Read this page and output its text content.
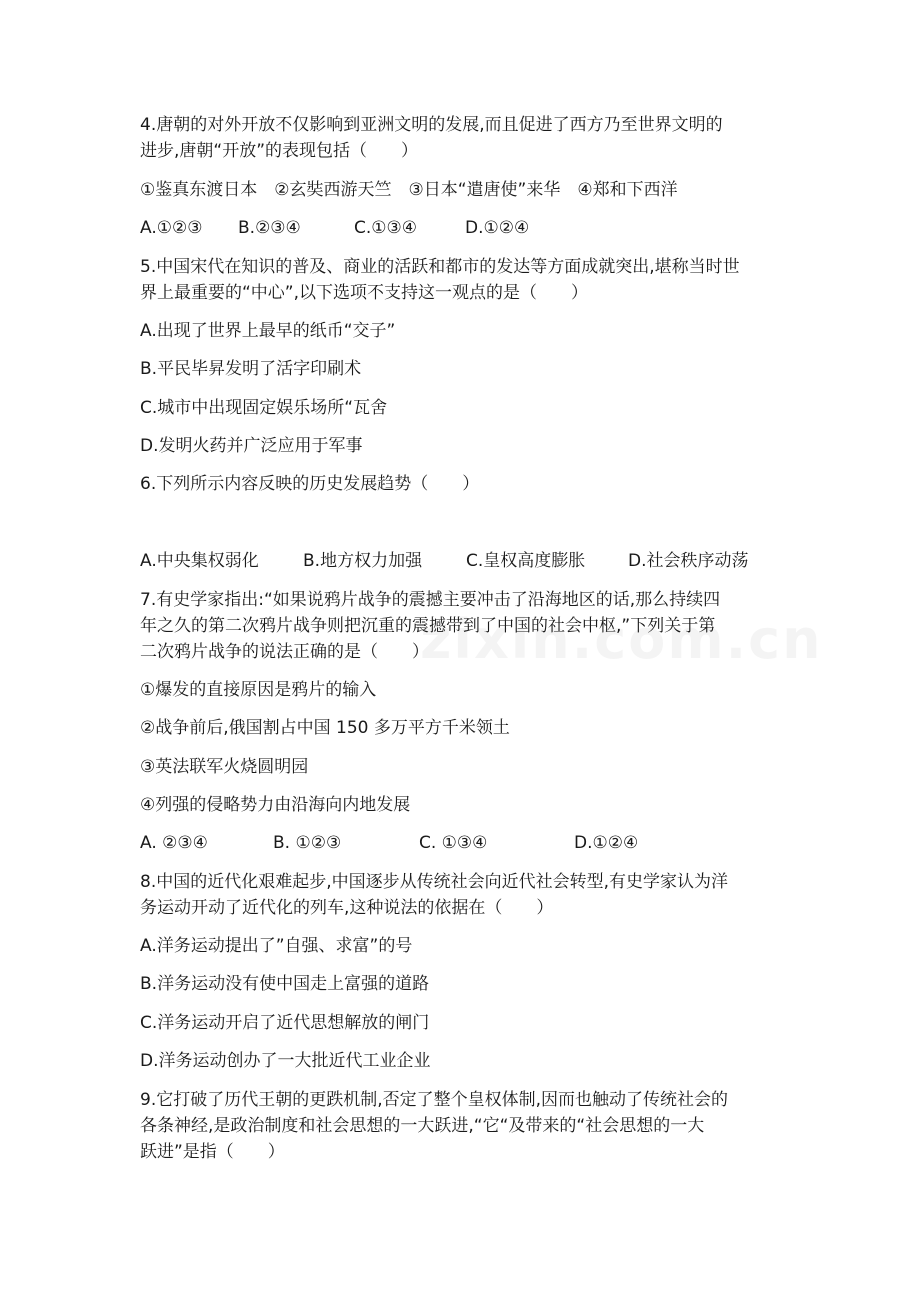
4.唐朝的对外开放不仅影响到亚洲文明的发展,而且促进了西方乃至世界文明的
进步,唐朝“开放”的表现包括（　　）
①鉴真东渡日本　②玄奘西游天竺　③日本“遣唐使”来华　④郑和下西洋
A.①②③	B.②③④	C.①③④	D.①②④
5.中国宋代在知识的普及、商业的活跃和都市的发达等方面成就突出,堪称当时世
界上最重要的“中心”,以下选项不支持这一观点的是（　　）
A.出现了世界上最早的纸币“交子”
B.平民毕昇发明了活字印刷术
C.城市中出现固定娱乐场所“瓦舍
D.发明火药并广泛应用于军事
6.下列所示内容反映的历史发展趋势（　　）
A.中央集权弱化	B.地方权力加强	C.皇权高度膨胀	D.社会秩序动荡
7.有史学家指出:“如果说鸦片战争的震撼主要冲击了沿海地区的话,那么持续四
年之久的第二次鸦片战争则把沉重的震撼带到了中国的社会中枢,”下列关于第
二次鸦片战争的说法正确的是（　　）
①爆发的直接原因是鸦片的输入
②战争前后,俄国割占中国 150 多万平方千米领土
③英法联军火烧圆明园
④列强的侵略势力由沿海向内地发展
A. ②③④	B. ①②③	C. ①③④	D.①②④
8.中国的近代化艰难起步,中国逐步从传统社会向近代社会转型,有史学家认为洋
务运动开动了近代化的列车,这种说法的依据在（　　）
A.洋务运动提出了”自强、求富”的号
B.洋务运动没有使中国走上富强的道路
C.洋务运动开启了近代思想解放的闸门
D.洋务运动创办了一大批近代工业企业
9.它打破了历代王朝的更跌机制,否定了整个皇权体制,因而也触动了传统社会的
各条神经,是政治制度和社会思想的一大跃进,“它“及带来的“社会思想的一大
跃进”是指（　　）
